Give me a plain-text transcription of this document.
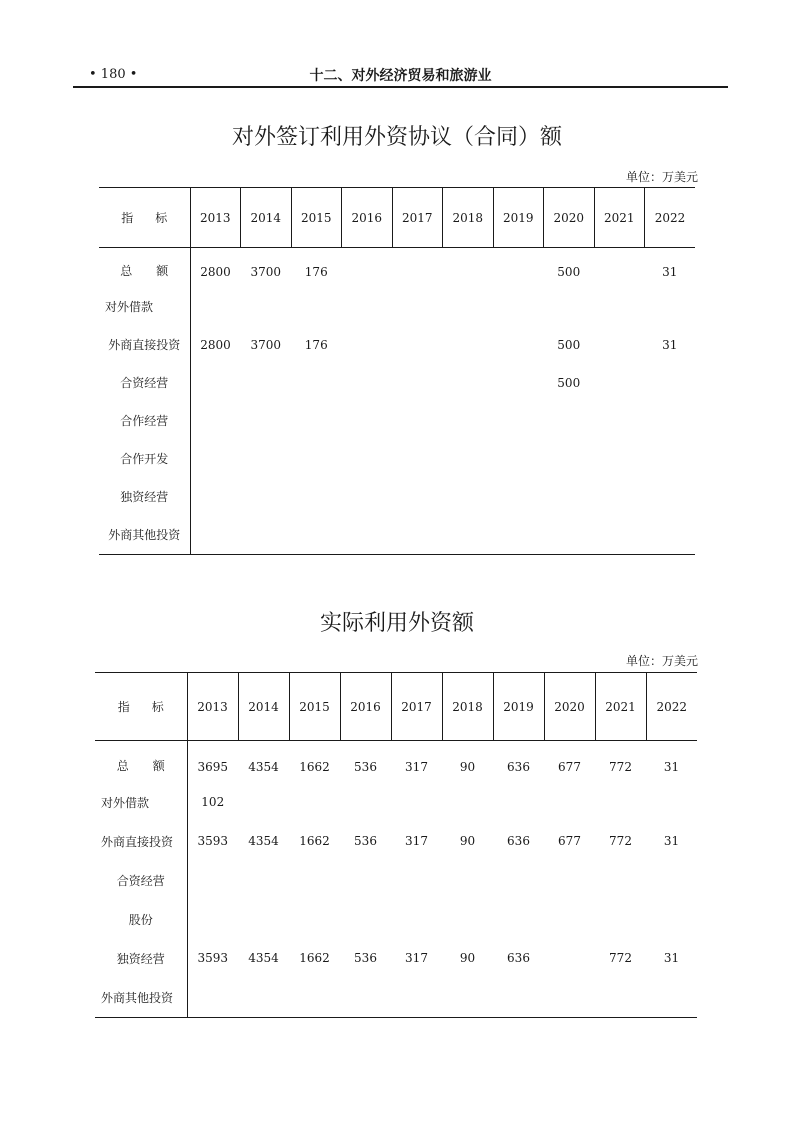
• 180 •	十二、对外经济贸易和旅游业
对外签订利用外资协议（合同）额
单位：万美元
指 标	2013	2014	2015	2016	2017	2018	2019	2020	2021	2022
总　　额	2800	3700	176					500		31
对外借款										
外商直接投资	2800	3700	176					500		31
合资经营								500		
合作经营										
合作开发										
独资经营										
外商其他投资										
实际利用外资额
单位：万美元
指 标	2013	2014	2015	2016	2017	2018	2019	2020	2021	2022
总　　额	3695	4354	1662	536	317	90	636	677	772	31
对外借款	102									
外商直接投资	3593	4354	1662	536	317	90	636	677	772	31
合资经营										
股份										
独资经营	3593	4354	1662	536	317	90	636		772	31
外商其他投资										
